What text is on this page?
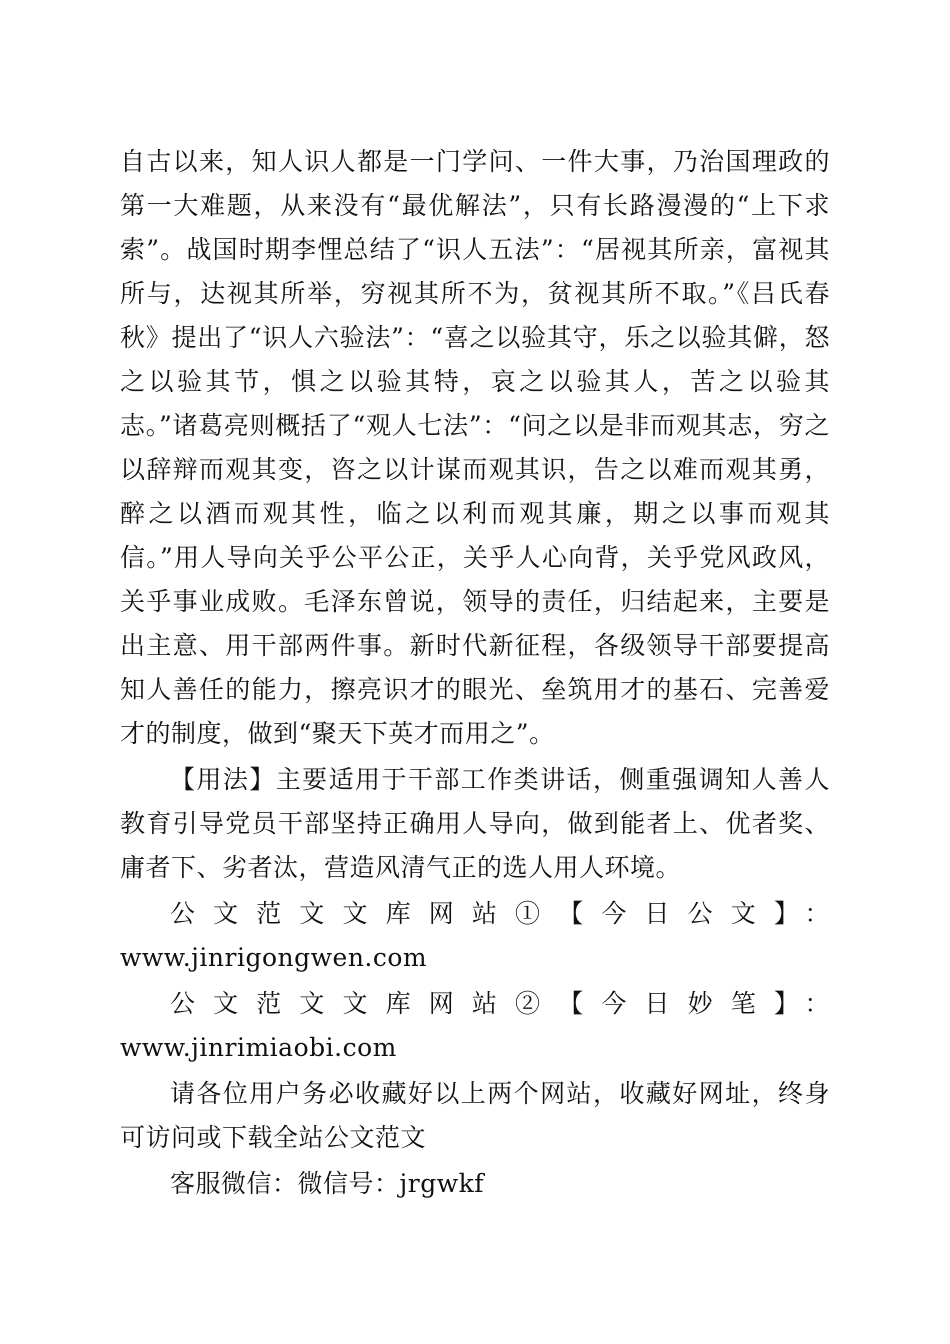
自古以来，知人识人都是一门学问、一件大事，乃治国理政的第一大难题，从来没有“最优解法”，只有长路漫漫的“上下求索”。战国时期李悝总结了“识人五法”：“居视其所亲，富视其所与，达视其所举，穷视其所不为，贫视其所不取。”《吕氏春秋》提出了“识人六验法”：“喜之以验其守，乐之以验其僻，怒之以验其节，惧之以验其特，哀之以验其人，苦之以验其志。”诸葛亮则概括了“观人七法”：“问之以是非而观其志，穷之以辞辩而观其变，咨之以计谋而观其识，告之以难而观其勇，醉之以酒而观其性，临之以利而观其廉，期之以事而观其信。”用人导向关乎公平公正，关乎人心向背，关乎党风政风，关乎事业成败。毛泽东曾说，领导的责任，归结起来，主要是出主意、用干部两件事。新时代新征程，各级领导干部要提高知人善任的能力，擦亮识才的眼光、垒筑用才的基石、完善爱才的制度，做到“聚天下英才而用之”。

【用法】主要适用于干部工作类讲话，侧重强调知人善人教育引导党员干部坚持正确用人导向，做到能者上、优者奖、庸者下、劣者汰，营造风清气正的选人用人环境。

公文范文文库网站①【今日公文】：www.jinrigongwen.com

公文范文文库网站②【今日妙笔】：www.jinrimiaobi.com

请各位用户务必收藏好以上两个网站，收藏好网址，终身可访问或下载全站公文范文

客服微信：微信号：jrgwkf
